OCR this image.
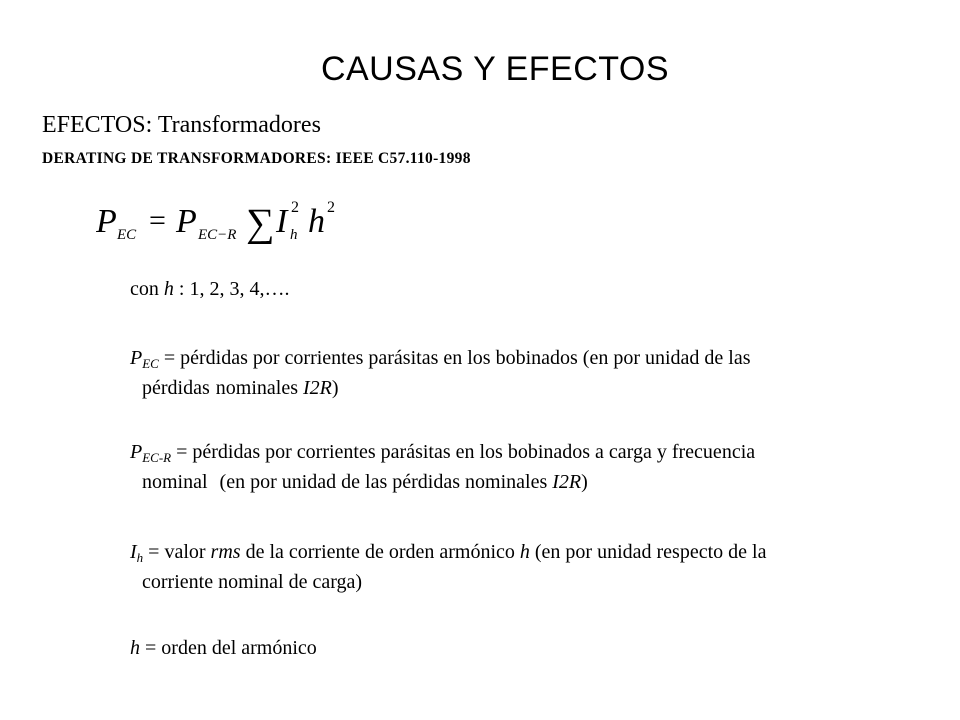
CAUSAS Y EFECTOS
EFECTOS: Transformadores
DERATING DE TRANSFORMADORES: IEEE C57.110-1998
P EC = P EC−R ∑ I 2
h h 2
con h : 1, 2, 3, 4,….
$P_{EC}$ = pérdidas por corrientes parásitas en los bobinados (en por unidad de las
pérdidas nominales I2R)
$P_{EC-R}$ = pérdidas por corrientes parásitas en los bobinados a carga y frecuencia
nominal (en por unidad de las pérdidas nominales I2R)
$I_h$ = valor rms de la corriente de orden armónico h (en por unidad respecto de la
corriente nominal de carga)
h = orden del armónico
